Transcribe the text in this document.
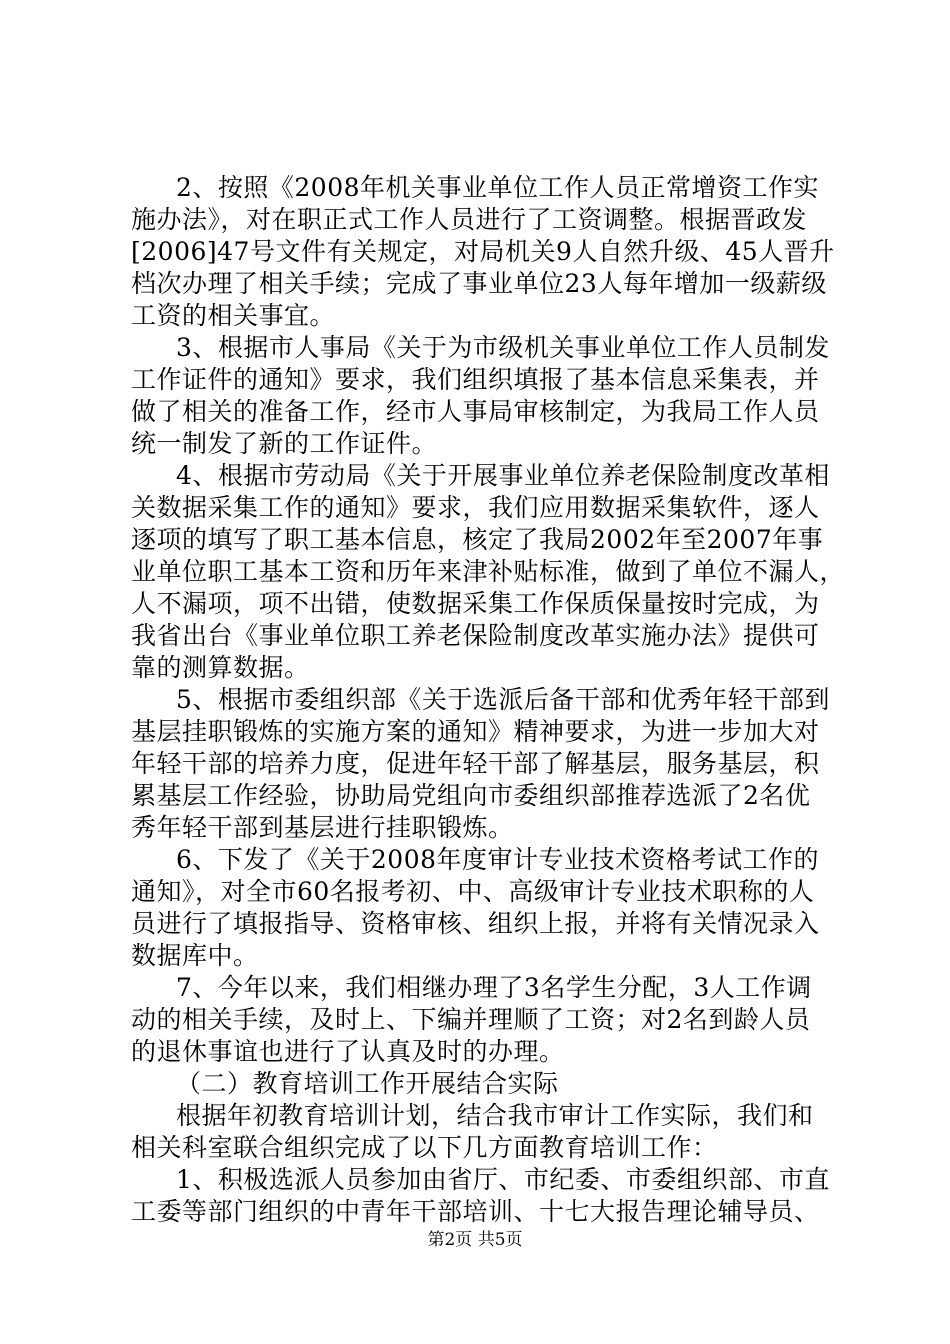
2、按照《2008年机关事业单位工作人员正常增资工作实
施办法》，对在职正式工作人员进行了工资调整。根据晋政发
[2006]47号文件有关规定，对局机关9人自然升级、45人晋升
档次办理了相关手续；完成了事业单位23人每年增加一级薪级
工资的相关事宜。
3、根据市人事局《关于为市级机关事业单位工作人员制发
工作证件的通知》要求，我们组织填报了基本信息采集表，并
做了相关的准备工作，经市人事局审核制定，为我局工作人员
统一制发了新的工作证件。
4、根据市劳动局《关于开展事业单位养老保险制度改革相
关数据采集工作的通知》要求，我们应用数据采集软件，逐人
逐项的填写了职工基本信息，核定了我局2002年至2007年事
业单位职工基本工资和历年来津补贴标准，做到了单位不漏人，
人不漏项，项不出错，使数据采集工作保质保量按时完成，为
我省出台《事业单位职工养老保险制度改革实施办法》提供可
靠的测算数据。
5、根据市委组织部《关于选派后备干部和优秀年轻干部到
基层挂职锻炼的实施方案的通知》精神要求，为进一步加大对
年轻干部的培养力度，促进年轻干部了解基层，服务基层，积
累基层工作经验，协助局党组向市委组织部推荐选派了2名优
秀年轻干部到基层进行挂职锻炼。
6、下发了《关于2008年度审计专业技术资格考试工作的
通知》，对全市60名报考初、中、高级审计专业技术职称的人
员进行了填报指导、资格审核、组织上报，并将有关情况录入
数据库中。
7、今年以来，我们相继办理了3名学生分配，3人工作调
动的相关手续，及时上、下编并理顺了工资；对2名到龄人员
的退休事谊也进行了认真及时的办理。
（二）教育培训工作开展结合实际
根据年初教育培训计划，结合我市审计工作实际，我们和
相关科室联合组织完成了以下几方面教育培训工作：
1、积极选派人员参加由省厅、市纪委、市委组织部、市直
工委等部门组织的中青年干部培训、十七大报告理论辅导员、
第2页 共5页
